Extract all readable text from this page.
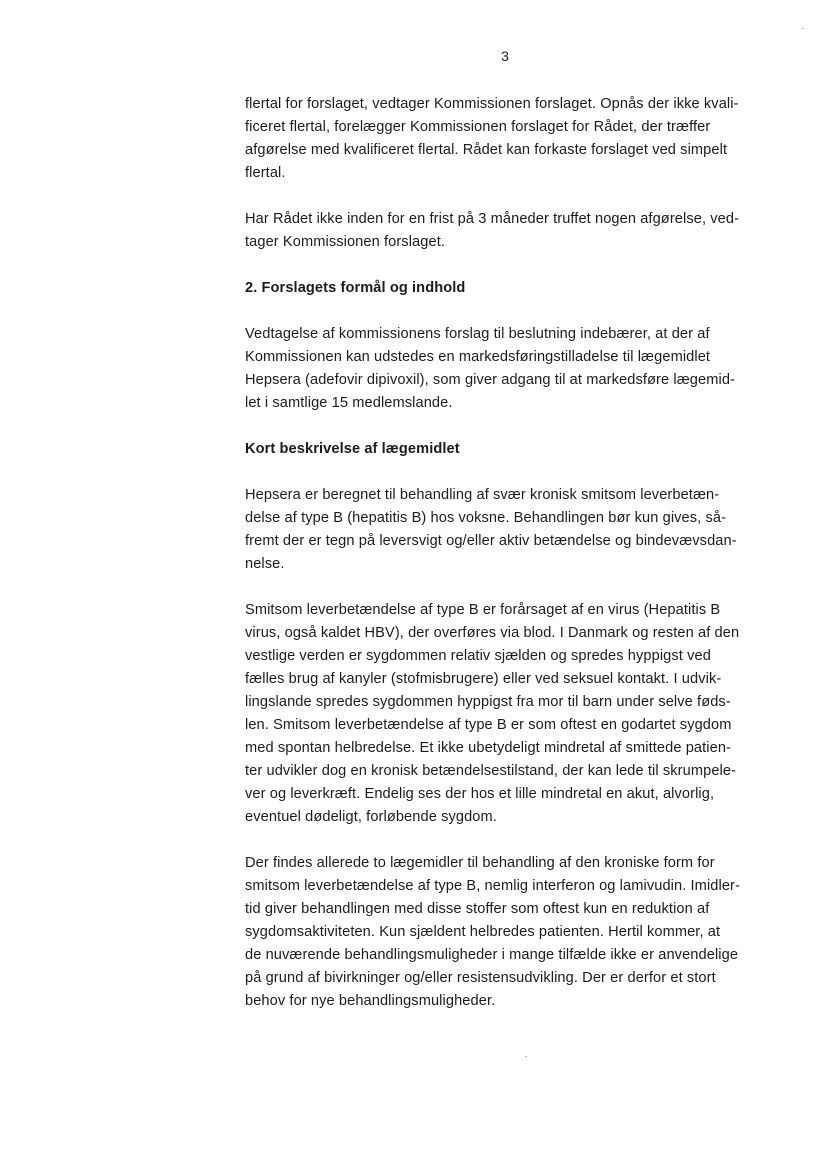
3

flertal for forslaget, vedtager Kommissionen forslaget. Opnås der ikke kvali-
ficeret flertal, forelægger Kommissionen forslaget for Rådet, der træffer
afgørelse med kvalificeret flertal. Rådet kan forkaste forslaget ved simpelt
flertal.

Har Rådet ikke inden for en frist på 3 måneder truffet nogen afgørelse, ved-
tager Kommissionen forslaget.

2. Forslagets formål og indhold

Vedtagelse af kommissionens forslag til beslutning indebærer, at der af
Kommissionen kan udstedes en markedsføringstilladelse til lægemidlet
Hepsera (adefovir dipivoxil), som giver adgang til at markedsføre lægemid-
let i samtlige 15 medlemslande.

Kort beskrivelse af lægemidlet

Hepsera er beregnet til behandling af svær kronisk smitsom leverbetæn-
delse af type B (hepatitis B) hos voksne. Behandlingen bør kun gives, så-
fremt der er tegn på leversvigt og/eller aktiv betændelse og bindevævsdan-
nelse.

Smitsom leverbetændelse af type B er forårsaget af en virus (Hepatitis B
virus, også kaldet HBV), der overføres via blod. I Danmark og resten af den
vestlige verden er sygdommen relativ sjælden og spredes hyppigst ved
fælles brug af kanyler (stofmisbrugere) eller ved seksuel kontakt. I udvik-
lingslande spredes sygdommen hyppigst fra mor til barn under selve føds-
len. Smitsom leverbetændelse af type B er som oftest en godartet sygdom
med spontan helbredelse. Et ikke ubetydeligt mindretal af smittede patien-
ter udvikler dog en kronisk betændelsestilstand, der kan lede til skrumpele-
ver og leverkræft. Endelig ses der hos et lille mindretal en akut, alvorlig,
eventuel dødeligt, forløbende sygdom.

Der findes allerede to lægemidler til behandling af den kroniske form for
smitsom leverbetændelse af type B, nemlig interferon og lamivudin. Imidler-
tid giver behandlingen med disse stoffer som oftest kun en reduktion af
sygdomsaktiviteten. Kun sjældent helbredes patienten. Hertil kommer, at
de nuværende behandlingsmuligheder i mange tilfælde ikke er anvendelige
på grund af bivirkninger og/eller resistensudvikling. Der er derfor et stort
behov for nye behandlingsmuligheder.
